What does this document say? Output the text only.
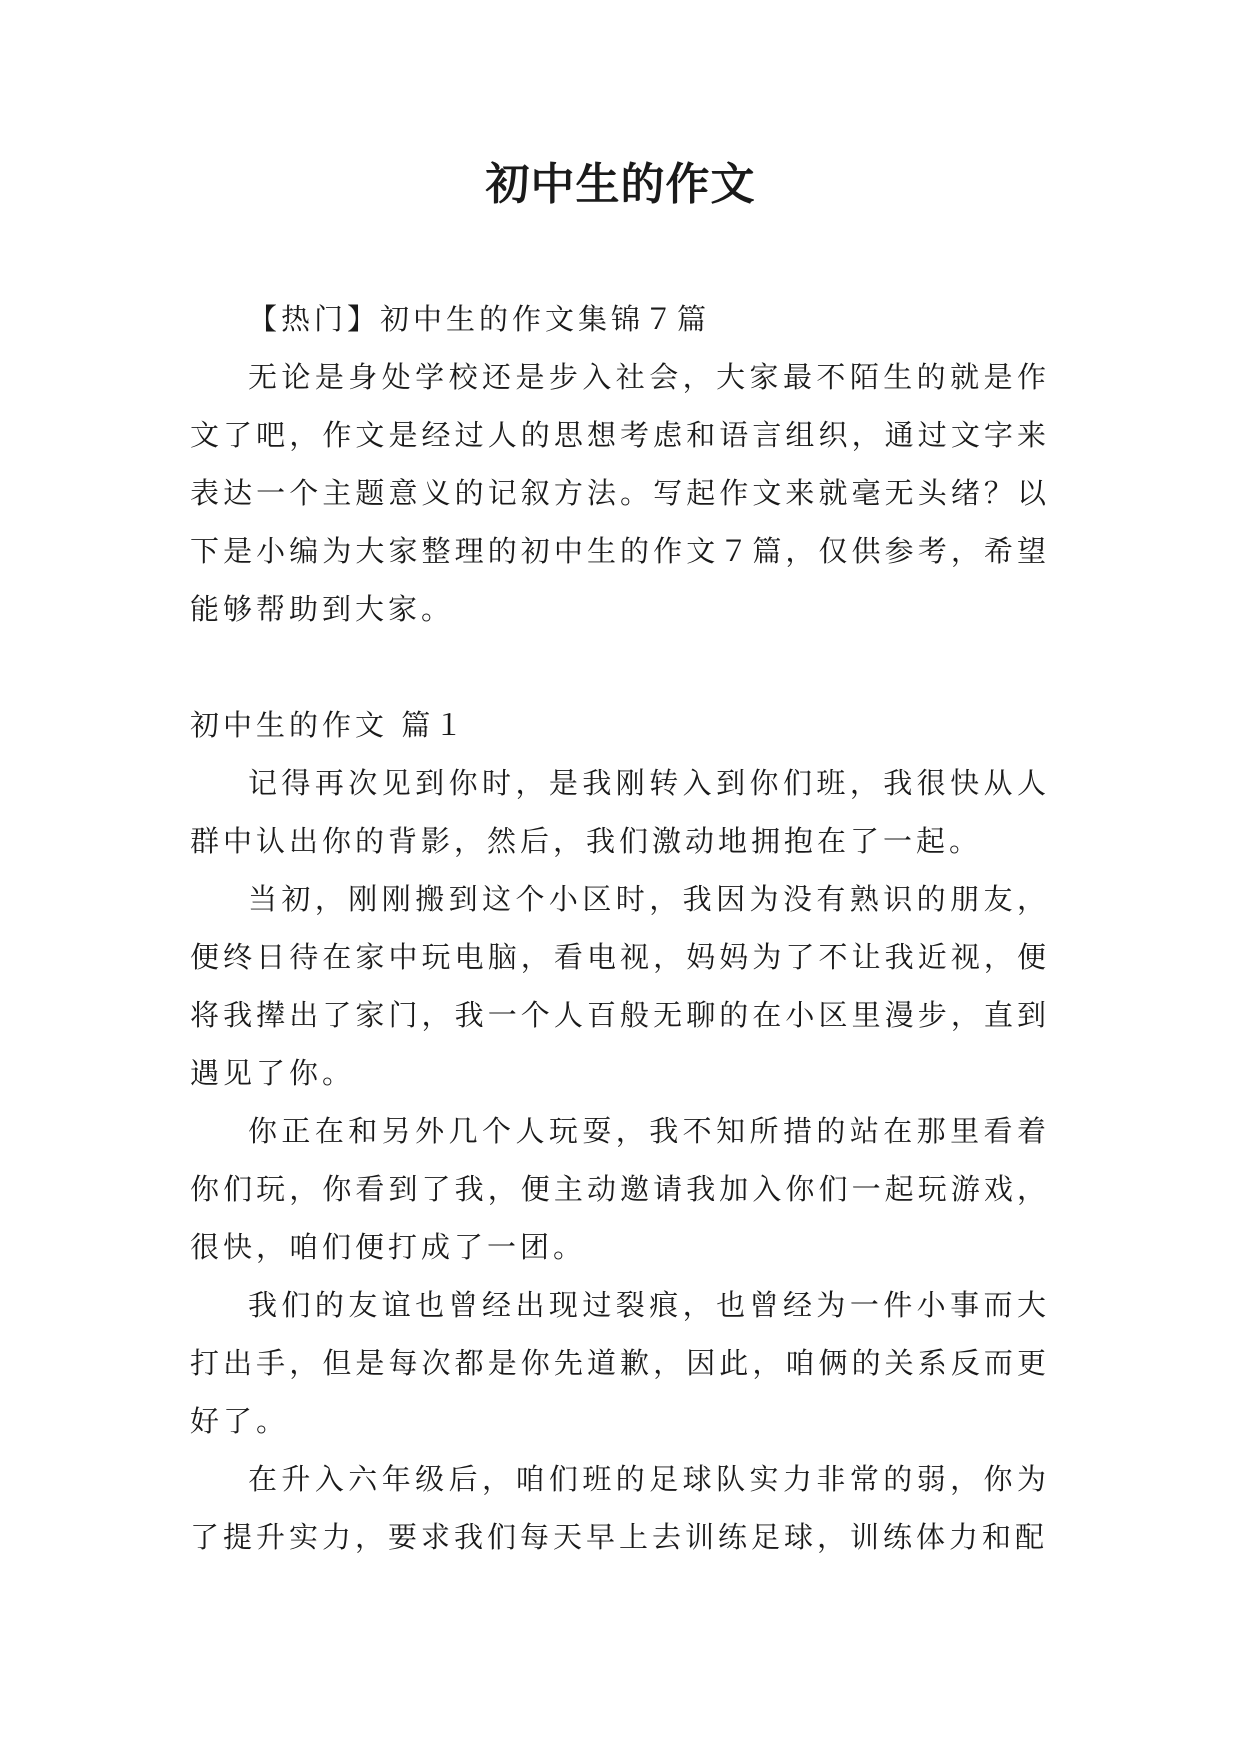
初中生的作文

【热门】初中生的作文集锦７篇

无论是身处学校还是步入社会，大家最不陌生的就是作文了吧，作文是经过人的思想考虑和语言组织，通过文字来表达一个主题意义的记叙方法。写起作文来就毫无头绪？以下是小编为大家整理的初中生的作文７篇，仅供参考，希望能够帮助到大家。

初中生的作文 篇１

记得再次见到你时，是我刚转入到你们班，我很快从人群中认出你的背影，然后，我们激动地拥抱在了一起。

当初，刚刚搬到这个小区时，我因为没有熟识的朋友，便终日待在家中玩电脑，看电视，妈妈为了不让我近视，便将我撵出了家门，我一个人百般无聊的在小区里漫步，直到遇见了你。

你正在和另外几个人玩耍，我不知所措的站在那里看着你们玩，你看到了我，便主动邀请我加入你们一起玩游戏，很快，咱们便打成了一团。

我们的友谊也曾经出现过裂痕，也曾经为一件小事而大打出手，但是每次都是你先道歉，因此，咱俩的关系反而更好了。

在升入六年级后，咱们班的足球队实力非常的弱，你为了提升实力，要求我们每天早上去训练足球，训练体力和配
